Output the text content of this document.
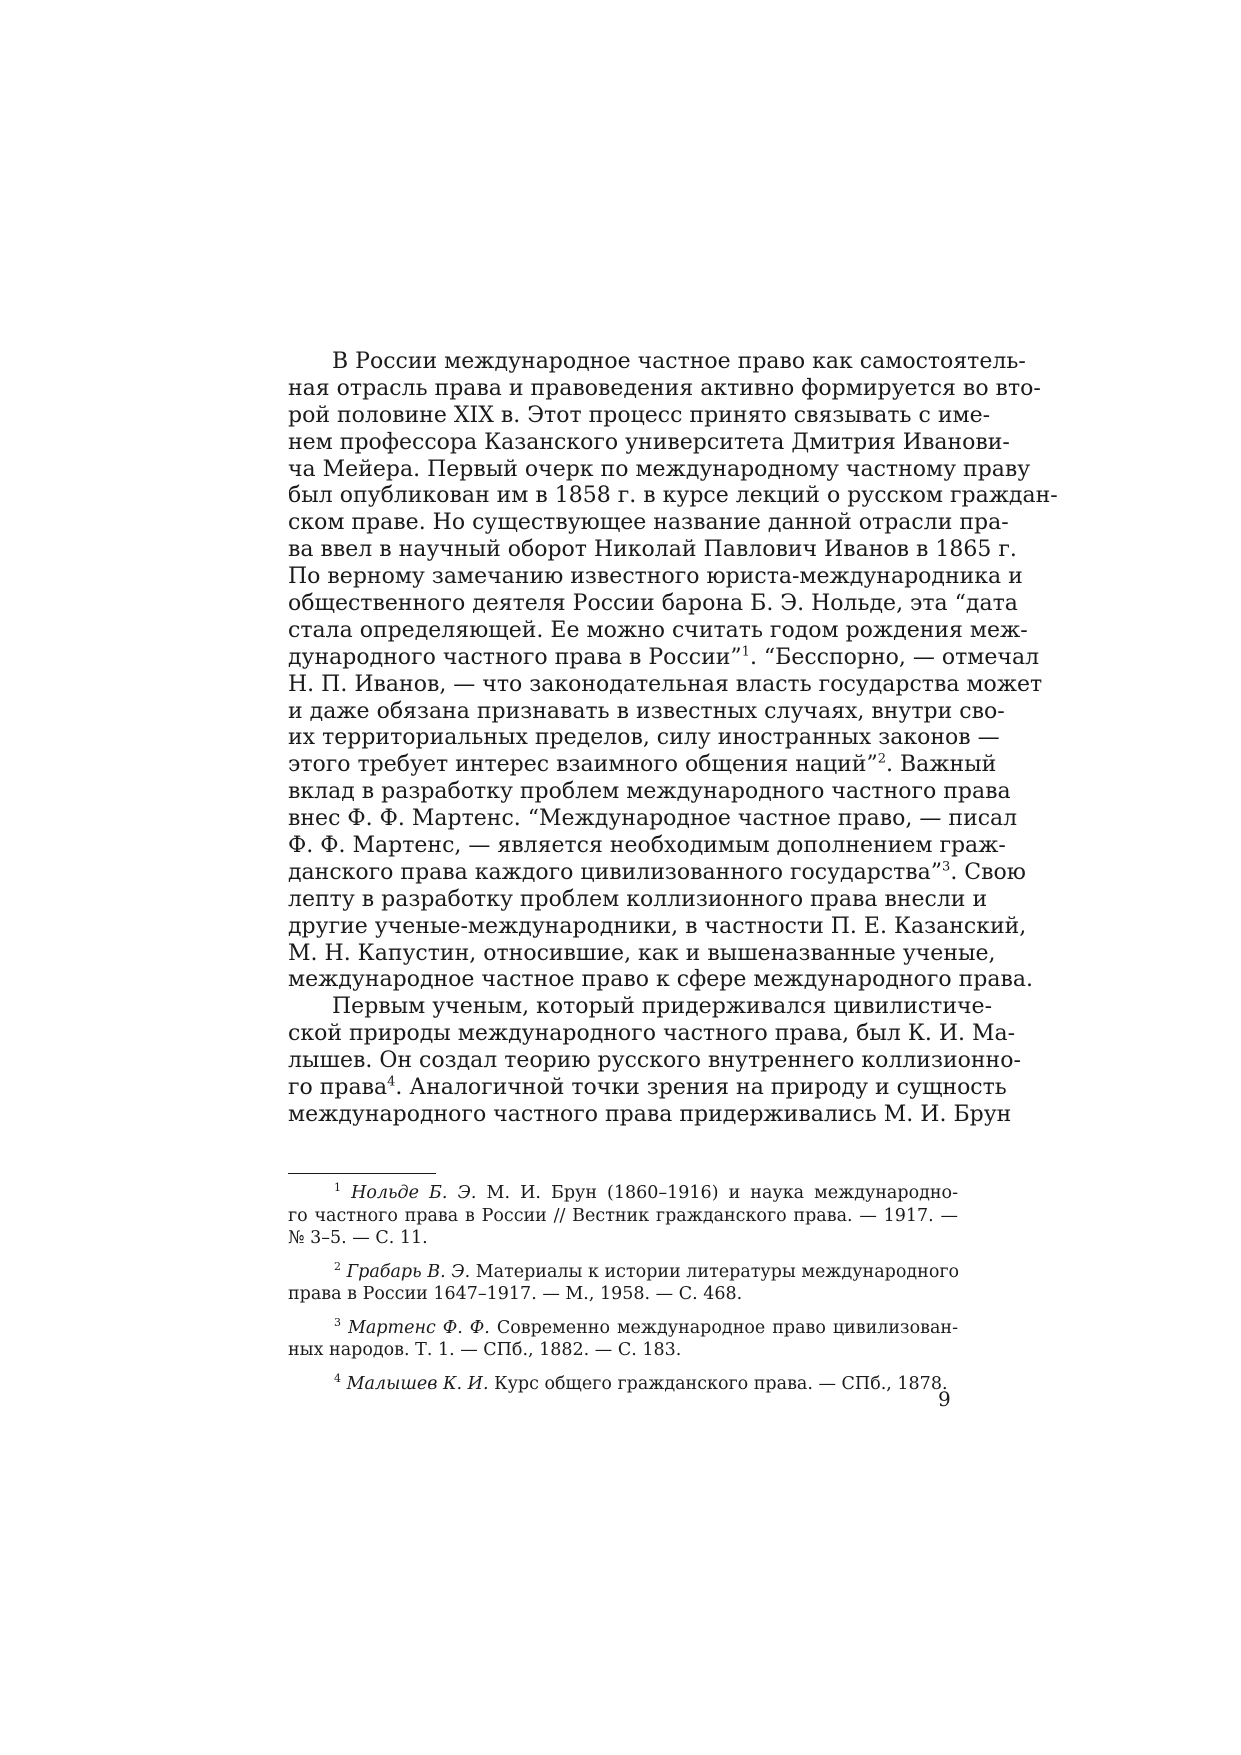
В России международное частное право как самостоятель-
ная отрасль права и правоведения активно формируется во вто-
рой половине XIX в. Этот процесс принято связывать с име-
нем профессора Казанского университета Дмитрия Иванови-
ча Мейера. Первый очерк по международному частному праву
был опубликован им в 1858 г. в курсе лекций о русском граждан-
ском праве. Но существующее название данной отрасли пра-
ва ввел в научный оборот Николай Павлович Иванов в 1865 г.
По верному замечанию известного юриста-международника и
общественного деятеля России барона Б. Э. Нольде, эта “дата
стала определяющей. Ее можно считать годом рождения меж-
дународного частного права в России”$^1$. “Бесспорно, — отмечал
Н. П. Иванов, — что законодательная власть государства может
и даже обязана признавать в известных случаях, внутри сво-
их территориальных пределов, силу иностранных законов —
этого требует интерес взаимного общения наций”$^2$. Важный
вклад в разработку проблем международного частного права
внес Ф. Ф. Мартенс. “Международное частное право, — писал
Ф. Ф. Мартенс, — является необходимым дополнением граж-
данского права каждого цивилизованного государства”$^3$. Свою
лепту в разработку проблем коллизионного права внесли и
другие ученые-международники, в частности П. Е. Казанский,
М. Н. Капустин, относившие, как и вышеназванные ученые,
международное частное право к сфере международного права.
Первым ученым, который придерживался цивилистиче-
ской природы международного частного права, был К. И. Ма-
лышев. Он создал теорию русского внутреннего коллизионно-
го права$^4$. Аналогичной точки зрения на природу и сущность
международного частного права придерживались М. И. Брун
$^1$ Нольде Б. Э. М. И. Брун (1860–1916) и наука международно-
го частного права в России // Вестник гражданского права. — 1917. —
№ 3–5. — С. 11.
$^2$ Грабарь В. Э. Материалы к истории литературы международного
права в России 1647–1917. — М., 1958. — С. 468.
$^3$ Мартенс Ф. Ф. Современно международное право цивилизован-
ных народов. Т. 1. — СПб., 1882. — С. 183.
$^4$ Малышев К. И. Курс общего гражданского права. — СПб., 1878.
9
